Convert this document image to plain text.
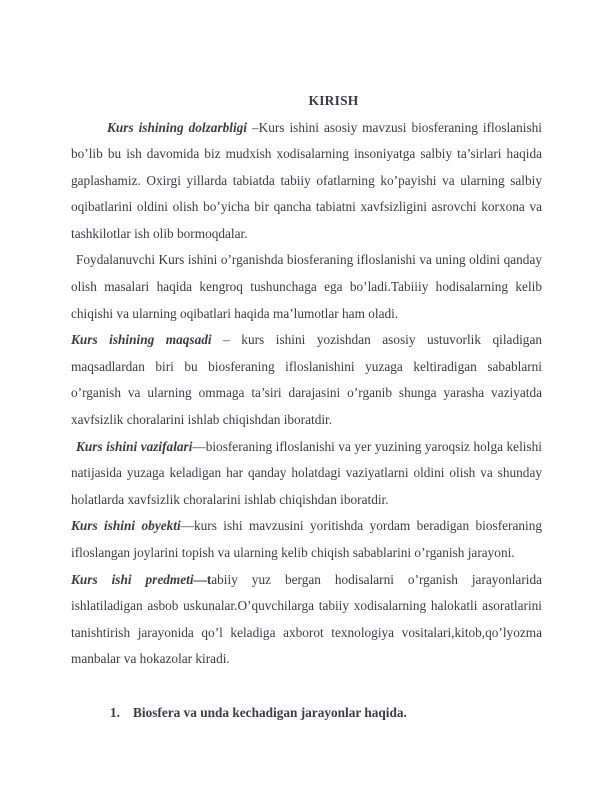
KIRISH

Kurs ishining dolzarbligi –Kurs ishini asosiy mavzusi biosferaning ifloslanishi bo’lib bu ish davomida biz mudxish xodisalarning insoniyatga salbiy ta’sirlari haqida gaplashamiz. Oxirgi yillarda tabiatda tabiiy ofatlarning ko’payishi va ularning salbiy oqibatlarini oldini olish bo’yicha bir qancha tabiatni xavfsizligini asrovchi korxona va tashkilotlar ish olib bormoqdalar.

Foydalanuvchi Kurs ishini o’rganishda biosferaning ifloslanishi va uning oldini qanday olish masalari haqida kengroq tushunchaga ega bo’ladi.Tabiiiy hodisalarning kelib chiqishi va ularning oqibatlari haqida ma’lumotlar ham oladi.

Kurs ishining maqsadi – kurs ishini yozishdan asosiy ustuvorlik qiladigan maqsadlardan biri bu biosferaning ifloslanishini yuzaga keltiradigan sabablarni o’rganish va ularning ommaga ta’siri darajasini o’rganib shunga yarasha vaziyatda xavfsizlik choralarini ishlab chiqishdan iboratdir.

Kurs ishini vazifalari—biosferaning ifloslanishi va yer yuzining yaroqsiz holga kelishi natijasida yuzaga keladigan har qanday holatdagi vaziyatlarni oldini olish va shunday holatlarda xavfsizlik choralarini ishlab chiqishdan iboratdir.

Kurs ishini obyekti—kurs ishi mavzusini yoritishda yordam beradigan biosferaning ifloslangan joylarini topish va ularning kelib chiqish sabablarini o’rganish jarayoni.

Kurs ishi predmeti—tabiiy yuz bergan hodisalarni o’rganish jarayonlarida ishlatiladigan asbob uskunalar.O’quvchilarga tabiiy xodisalarning halokatli asoratlarini tanishtirish jarayonida qo’l keladiga axborot texnologiya vositalari,kitob,qo’lyozma manbalar va hokazolar kiradi.

1. Biosfera va unda kechadigan jarayonlar haqida.
